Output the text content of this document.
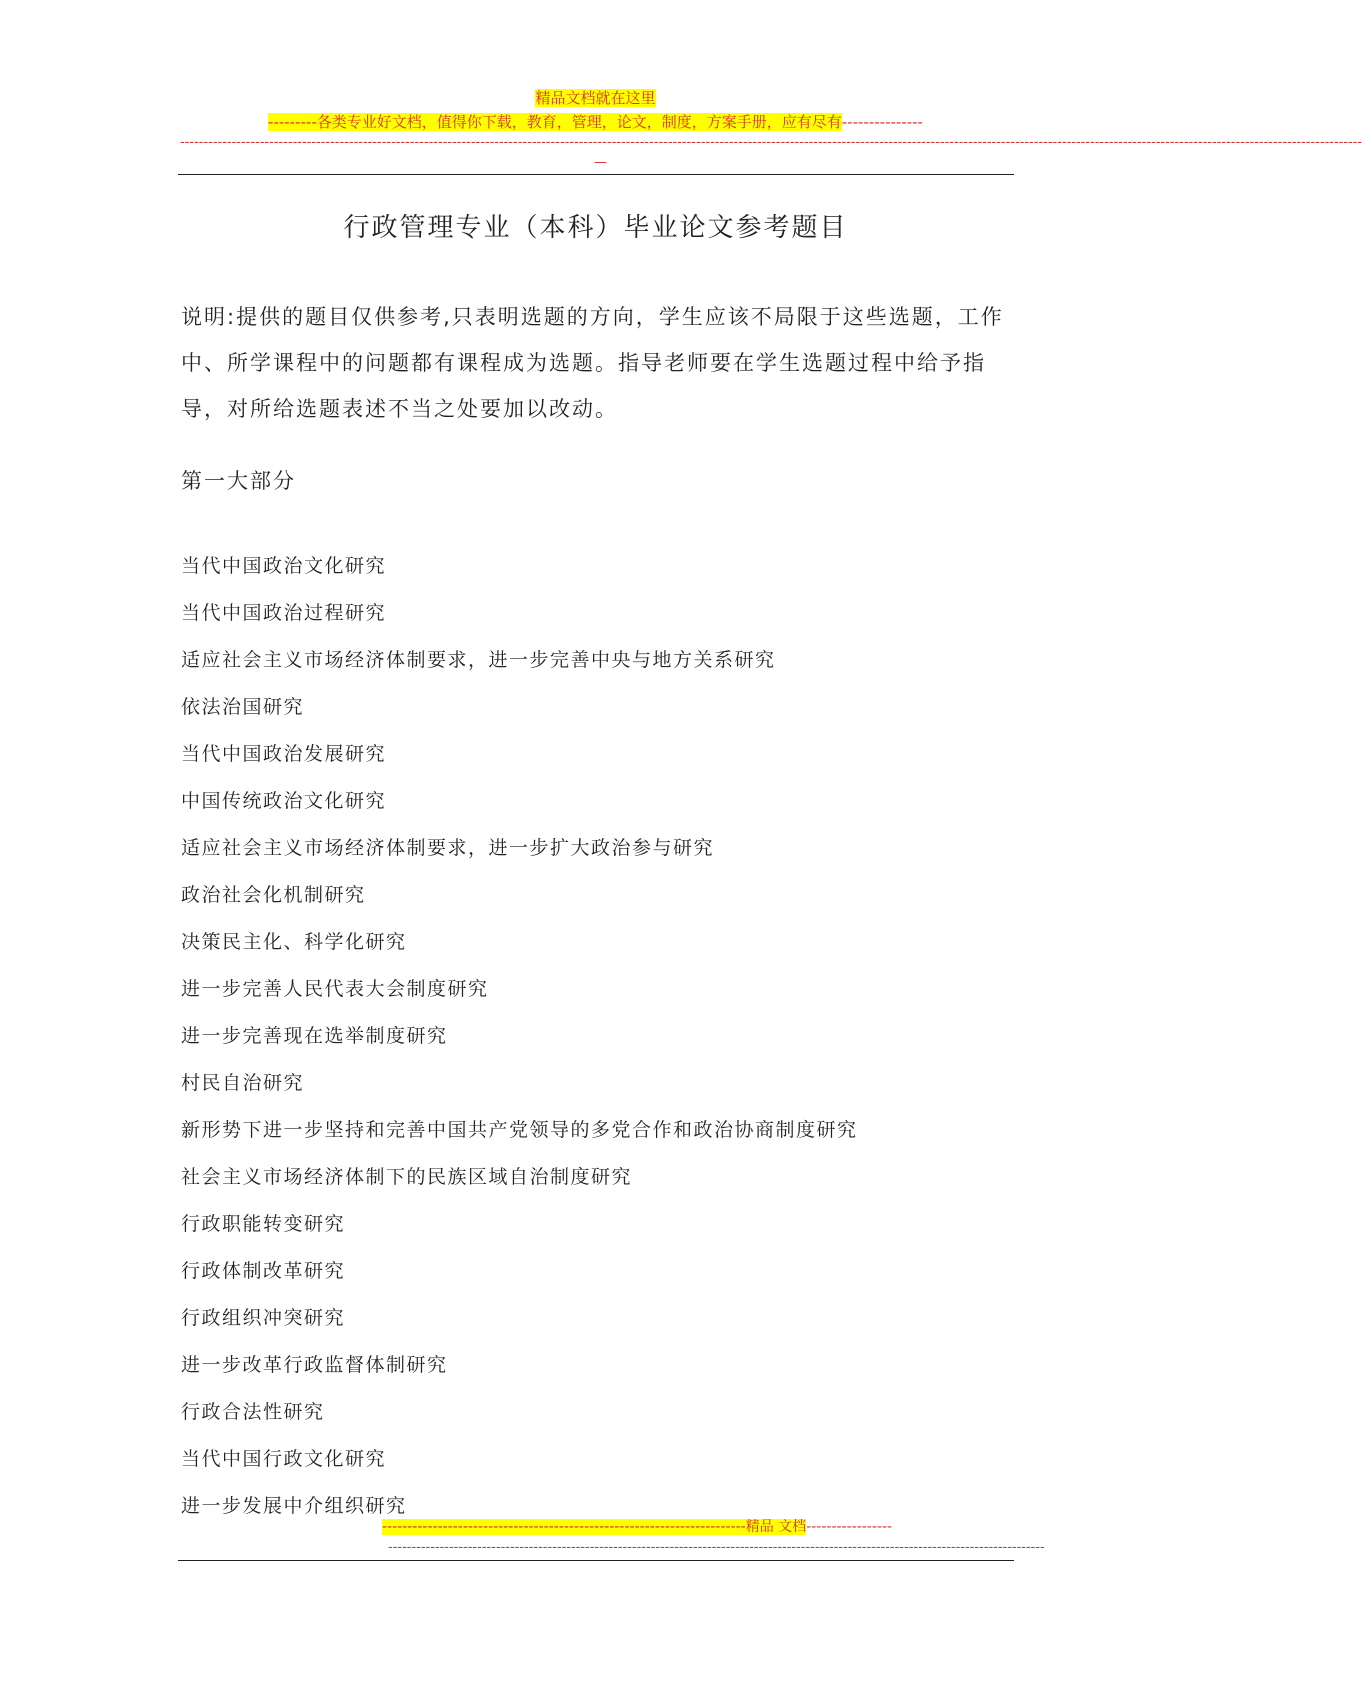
精品文档就在这里
---------各类专业好文档，值得你下载，教育，管理，论文，制度，方案手册，应有尽有---------------
------------------------------------------------------------------------------------------------------------------------------------------------------------------------------------------------------------------------------------------------------------
—
行政管理专业（本科）毕业论文参考题目

说明:提供的题目仅供参考,只表明选题的方向，学生应该不局限于这些选题，工作中、所学课程中的问题都有课程成为选题。指导老师要在学生选题过程中给予指导，对所给选题表述不当之处要加以改动。

第一大部分
当代中国政治文化研究
当代中国政治过程研究
适应社会主义市场经济体制要求，进一步完善中央与地方关系研究
依法治国研究
当代中国政治发展研究
中国传统政治文化研究
适应社会主义市场经济体制要求，进一步扩大政治参与研究
政治社会化机制研究
决策民主化、科学化研究
进一步完善人民代表大会制度研究
进一步完善现在选举制度研究
村民自治研究
新形势下进一步坚持和完善中国共产党领导的多党合作和政治协商制度研究
社会主义市场经济体制下的民族区域自治制度研究
行政职能转变研究
行政体制改革研究
行政组织冲突研究
进一步改革行政监督体制研究
行政合法性研究
当代中国行政文化研究
进一步发展中介组织研究
------------------------------------------------------------------------精品 文档-----------------
--------------------------------------------------------------------------------------------------------------------------------------------
